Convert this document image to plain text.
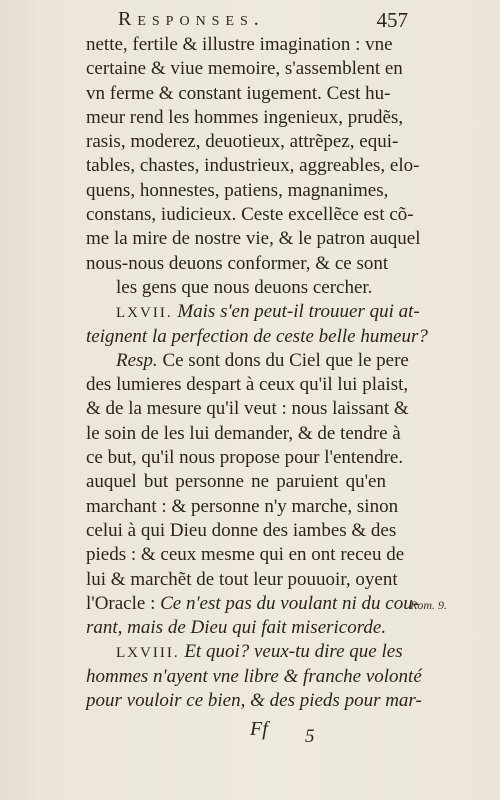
Responses.	457
nette, fertile & illustre imagination : vne
certaine & viue memoire, s'assemblent en
vn ferme & constant iugement. Cest hu-
meur rend les hommes ingenieux, prudẽs,
rasis, moderez, deuotieux, attrẽpez, equi-
tables, chastes, industrieux, aggreables, elo-
quens, honnestes, patiens, magnanimes,
constans, iudicieux. Ceste excellẽce est cõ-
me la mire de nostre vie, & le patron auquel
nous-nous deuons conformer, & ce sont
les gens que nous deuons cercher.
LXVII. Mais s'en peut-il trouuer qui at-
teignent la perfection de ceste belle humeur?
Resp. Ce sont dons du Ciel que le pere
des lumieres despart à ceux qu'il lui plaist,
& de la mesure qu'il veut : nous laissant &
le soin de les lui demander, & de tendre à
ce but, qu'il nous propose pour l'entendre.
auquel but personne ne paruient qu'en
marchant : & personne n'y marche, sinon
celui à qui Dieu donne des iambes & des
pieds : & ceux mesme qui en ont receu de
lui & marchẽt de tout leur pouuoir, oyent
l'Oracle : Ce n'est pas du voulant ni du cou-
rant, mais de Dieu qui fait misericorde.
LXVIII. Et quoi? veux-tu dire que les
hommes n'ayent vne libre & franche volonté
pour vouloir ce bien, & des pieds pour mar-
Rom. 9.
Ff 5
